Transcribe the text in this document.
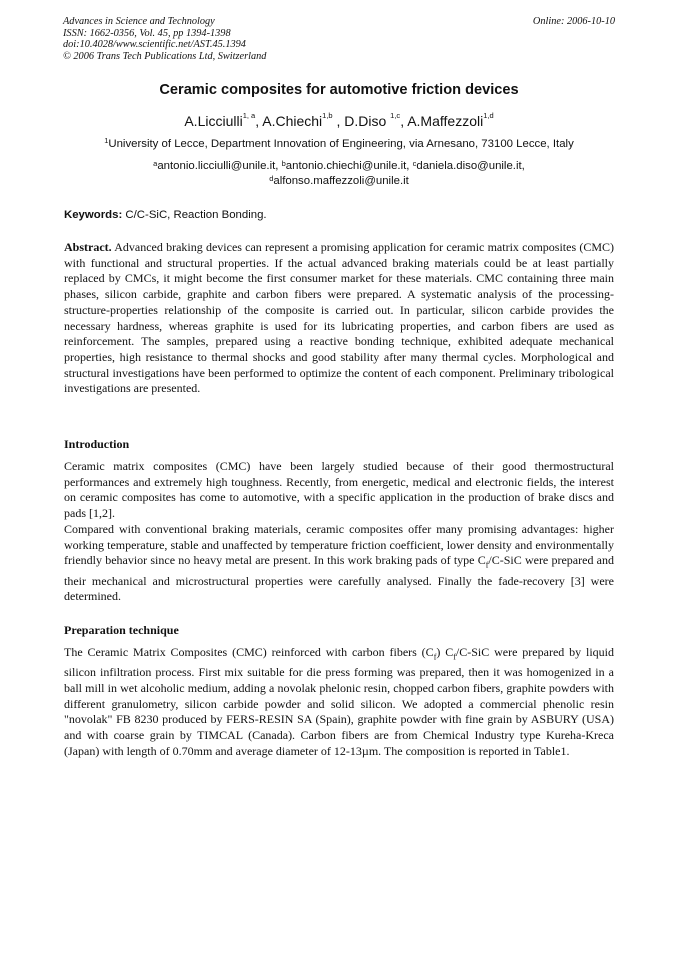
Advances in Science and Technology
ISSN: 1662-0356, Vol. 45, pp 1394-1398
doi:10.4028/www.scientific.net/AST.45.1394
© 2006 Trans Tech Publications Ltd, Switzerland
Online: 2006-10-10
Ceramic composites for automotive friction devices
A.Licciulli$^{1, a}$, A.Chiechi$^{1,b}$ , D.Diso $^{1,c}$, A.Maffezzoli$^{1,d}$
$^1$University of Lecce, Department Innovation of Engineering, via Arnesano, 73100 Lecce, Italy
$^a$antonio.licciulli@unile.it, $^b$antonio.chiechi@unile.it, $^c$daniela.diso@unile.it,
$^d$alfonso.maffezzoli@unile.it
Keywords: C/C-SiC, Reaction Bonding.
Abstract. Advanced braking devices can represent a promising application for ceramic matrix composites (CMC) with functional and structural properties. If the actual advanced braking materials could be at least partially replaced by CMCs, it might become the first consumer market for these materials. CMC containing three main phases, silicon carbide, graphite and carbon fibers were prepared. A systematic analysis of the processing-structure-properties relationship of the composite is carried out. In particular, silicon carbide provides the necessary hardness, whereas graphite is used for its lubricating properties, and carbon fibers are used as reinforcement. The samples, prepared using a reactive bonding technique, exhibited adequate mechanical properties, high resistance to thermal shocks and good stability after many thermal cycles. Morphological and structural investigations have been performed to optimize the content of each component. Preliminary tribological investigations are presented.
Introduction
Ceramic matrix composites (CMC) have been largely studied because of their good thermostructural performances and extremely high toughness. Recently, from energetic, medical and electronic fields, the interest on ceramic composites has come to automotive, with a specific application in the production of brake discs and pads [1,2].
Compared with conventional braking materials, ceramic composites offer many promising advantages: higher working temperature, stable and unaffected by temperature friction coefficient, lower density and environmentally friendly behavior since no heavy metal are present. In this work braking pads of type $C_f/C$-SiC were prepared and their mechanical and microstructural properties were carefully analysed. Finally the fade-recovery [3] were determined.
Preparation technique
The Ceramic Matrix Composites (CMC) reinforced with carbon fibers $(C_f)$ $C_f/C$-SiC were prepared by liquid silicon infiltration process. First mix suitable for die press forming was prepared, then it was homogenized in a ball mill in wet alcoholic medium, adding a novolak phelonic resin, chopped carbon fibers, graphite powders with different granulometry, silicon carbide powder and solid silicon. We adopted a commercial phenolic resin "novolak" FB 8230 produced by FERS-RESIN SA (Spain), graphite powder with fine grain by ASBURY (USA) and with coarse grain by TIMCAL (Canada). Carbon fibers are from Chemical Industry type Kureha-Kreca (Japan) with length of 0.70mm and average diameter of 12-13µm. The composition is reported in Table1.
